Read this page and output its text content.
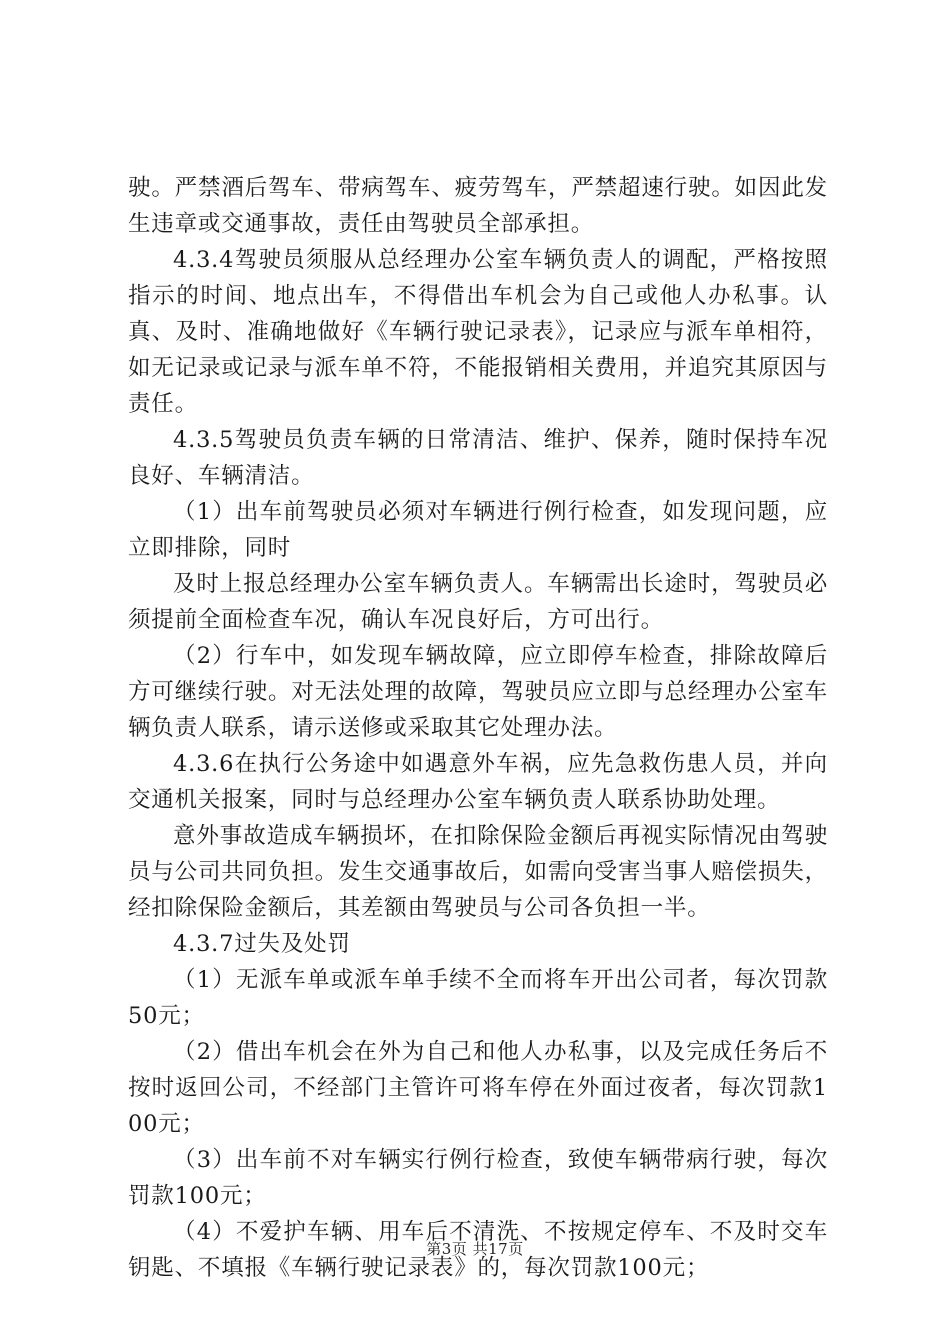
驶。严禁酒后驾车、带病驾车、疲劳驾车，严禁超速行驶。如因此发生违章或交通事故，责任由驾驶员全部承担。

4.3.4驾驶员须服从总经理办公室车辆负责人的调配，严格按照指示的时间、地点出车，不得借出车机会为自己或他人办私事。认真、及时、准确地做好《车辆行驶记录表》，记录应与派车单相符，如无记录或记录与派车单不符，不能报销相关费用，并追究其原因与责任。

4.3.5驾驶员负责车辆的日常清洁、维护、保养，随时保持车况良好、车辆清洁。

（1）出车前驾驶员必须对车辆进行例行检查，如发现问题，应立即排除，同时

及时上报总经理办公室车辆负责人。车辆需出长途时，驾驶员必须提前全面检查车况，确认车况良好后，方可出行。

（2）行车中，如发现车辆故障，应立即停车检查，排除故障后方可继续行驶。对无法处理的故障，驾驶员应立即与总经理办公室车辆负责人联系，请示送修或采取其它处理办法。

4.3.6在执行公务途中如遇意外车祸，应先急救伤患人员，并向交通机关报案，同时与总经理办公室车辆负责人联系协助处理。

意外事故造成车辆损坏，在扣除保险金额后再视实际情况由驾驶员与公司共同负担。发生交通事故后，如需向受害当事人赔偿损失，经扣除保险金额后，其差额由驾驶员与公司各负担一半。

4.3.7过失及处罚

（1）无派车单或派车单手续不全而将车开出公司者，每次罚款50元；

（2）借出车机会在外为自己和他人办私事，以及完成任务后不按时返回公司，不经部门主管许可将车停在外面过夜者，每次罚款100元；

（3）出车前不对车辆实行例行检查，致使车辆带病行驶，每次罚款100元；

（4）不爱护车辆、用车后不清洗、不按规定停车、不及时交车钥匙、不填报《车辆行驶记录表》的，每次罚款100元；

第3页 共17页
